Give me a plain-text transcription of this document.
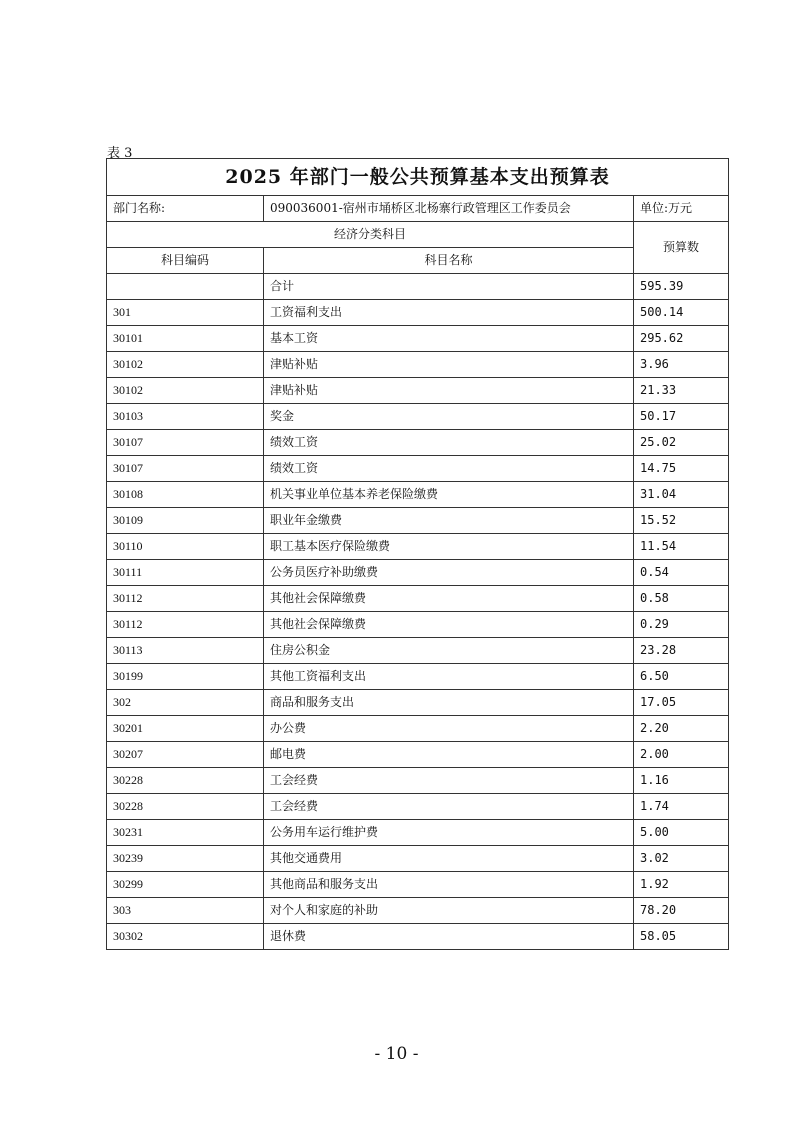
表 3
2025 年部门一般公共预算基本支出预算表		
部门名称:	090036001-宿州市埇桥区北杨寨行政管理区工作委员会	单位:万元
经济分类科目		预算数
科目编码	科目名称	
	合计	595.39
301	工资福利支出	500.14
30101	基本工资	295.62
30102	津贴补贴	3.96
30102	津贴补贴	21.33
30103	奖金	50.17
30107	绩效工资	25.02
30107	绩效工资	14.75
30108	机关事业单位基本养老保险缴费	31.04
30109	职业年金缴费	15.52
30110	职工基本医疗保险缴费	11.54
30111	公务员医疗补助缴费	0.54
30112	其他社会保障缴费	0.58
30112	其他社会保障缴费	0.29
30113	住房公积金	23.28
30199	其他工资福利支出	6.50
302	商品和服务支出	17.05
30201	办公费	2.20
30207	邮电费	2.00
30228	工会经费	1.16
30228	工会经费	1.74
30231	公务用车运行维护费	5.00
30239	其他交通费用	3.02
30299	其他商品和服务支出	1.92
303	对个人和家庭的补助	78.20
30302	退休费	58.05
- 10 -
